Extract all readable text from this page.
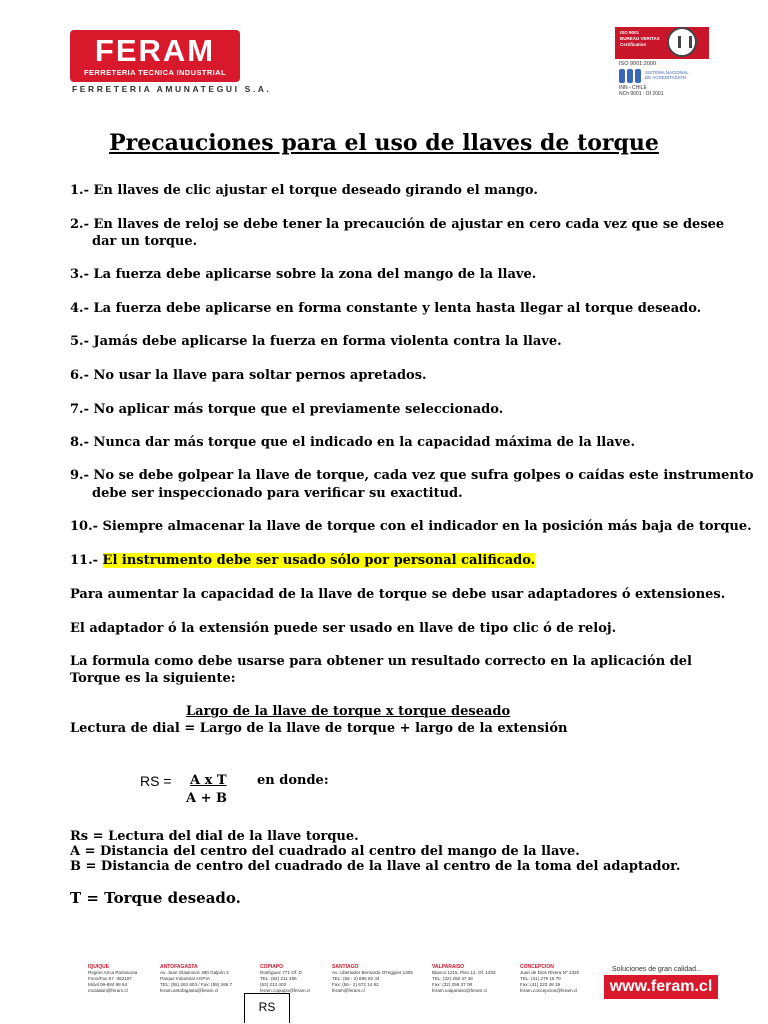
FERAM
FERRETERIA TECNICA INDUSTRIAL
FERRETERIA AMUNATEGUI S.A.
ISO 9001
BUREAU VERITAS
Certification
ISO 9001:2000
SISTEMA NACIONAL
DE ACREDITACION
INN - CHILE
NCh 9001 : Of 2001
Precauciones para el uso de llaves de torque
1.- En llaves de clic ajustar el torque deseado girando el mango.
2.- En llaves de reloj se debe tener la precaución de ajustar en cero cada vez que se desee
dar un torque.
3.- La fuerza debe aplicarse sobre la zona del mango de la llave.
4.- La fuerza debe aplicarse en forma constante y lenta hasta llegar al torque deseado.
5.- Jamás debe aplicarse la fuerza en forma violenta contra la llave.
6.- No usar la llave para soltar pernos apretados.
7.- No aplicar más torque que el previamente seleccionado.
8.- Nunca dar más torque que el indicado en la capacidad máxima de la llave.
9.- No se debe golpear la llave de torque, cada vez que sufra golpes o caídas este instrumento
debe ser inspeccionado para verificar su exactitud.
10.- Siempre almacenar la llave de torque con el indicador en la posición más baja de torque.
11.- El instrumento debe ser usado sólo por personal calificado.
Para aumentar la capacidad de la llave de torque se debe usar adaptadores ó extensiones.
El adaptador ó la extensión puede ser usado en llave de tipo clic ó de reloj.
La formula como debe usarse para obtener un resultado correcto en la aplicación del
Torque es la siguiente:
Largo de la llave de torque x torque deseado
Lectura de dial = Largo de la llave de torque + largo de la extensión
RS = A x T
A + B
en donde:
Rs = Lectura del dial de la llave torque.
A = Distancia del centro del cuadrado al centro del mango de la llave.
B = Distancia de centro del cuadrado de la llave al centro de la toma del adaptador.
T = Torque deseado.
IQUIQUE
Región Arica Parinacota
Fono/Fax 57 -362187
Móvil 09-884 98 64
mcatalan@feram.cl
ANTOFAGASTA
Av. Juan Glasinovic 480 Galpón 2
Parque Industrial AGPIA
TEL: (55) 262 603 / Fax: (55) 268 7
feram.antofagasta@feram.cl
COPIAPO
Rodriguez 771 Of. D
TEL: (52) 211 455
(52) 213 403
feram.copiapo@feram.cl
SANTIAGO
Av. Libertador Bernardo O'Higgins 1305
TEL: (56 - 2) 696 82 44
Fax: (56 - 2) 672 14 62
feram@feram.cl
VALPARAISO
Blanco 1215, Piso 12, Of. 1203
TEL: (32) 259 37 38
Fax: (32) 259 37 08
feram.valparaiso@feram.cl
CONCEPCION
Juan de Dios Rivera Nº 1330
TEL: (41) 279 15 70
Fax: (41) 223 48 19
feram.concepcion@feram.cl
Soluciones de gran calidad...
www.feram.cl
RS
